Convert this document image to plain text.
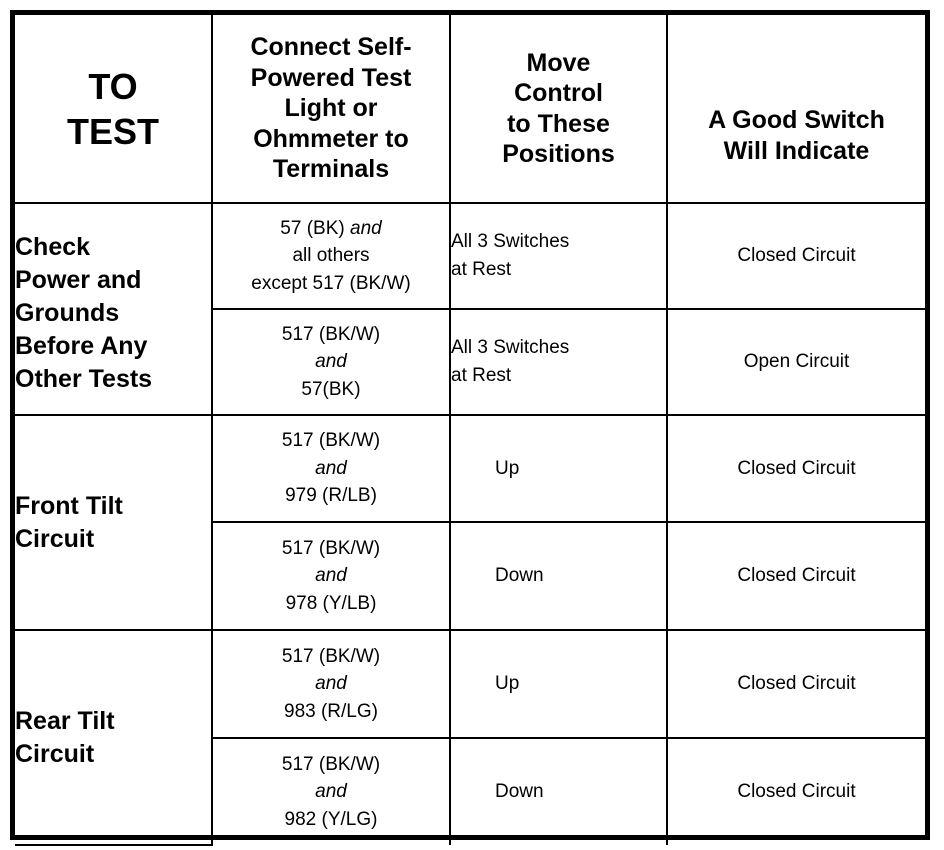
TO
TEST	Connect Self-
Powered Test
Light or
Ohmmeter to
Terminals	Move
Control
to These
Positions	A Good Switch
Will Indicate

Check
Power and
Grounds
Before Any
Other Tests	57 (BK) and
all others
except 517 (BK/W)	All 3 Switches
at Rest	Closed Circuit

	517 (BK/W)
and
57(BK)	All 3 Switches
at Rest	Open Circuit

Front Tilt
Circuit	517 (BK/W)
and
979 (R/LB)	Up	Closed Circuit

	517 (BK/W)
and
978 (Y/LB)	Down	Closed Circuit

Rear Tilt
Circuit	517 (BK/W)
and
983 (R/LG)	Up	Closed Circuit

	517 (BK/W)
and
982 (Y/LG)	Down	Closed Circuit
